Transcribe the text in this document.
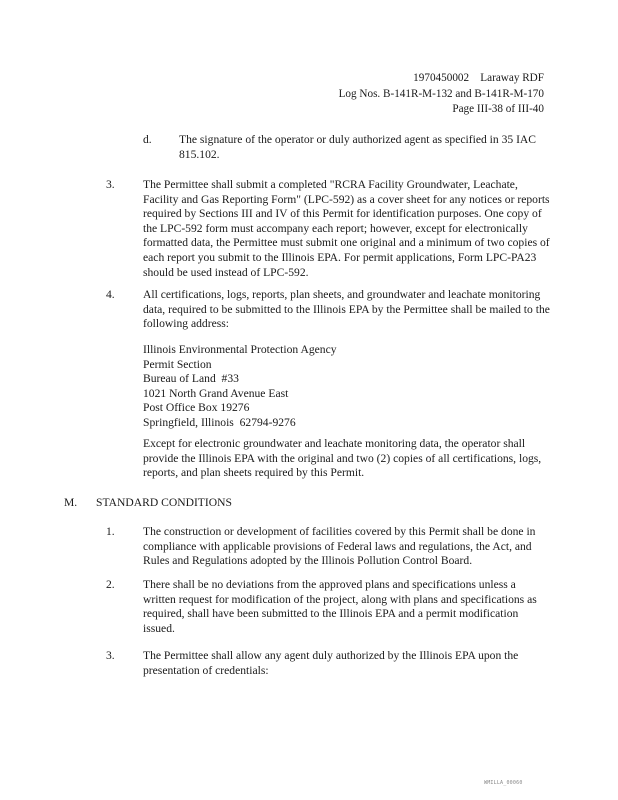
1970450002    Laraway RDF
Log Nos. B-141R-M-132 and B-141R-M-170
Page III-38 of III-40
d. The signature of the operator or duly authorized agent as specified in 35 IAC 815.102.

3. The Permittee shall submit a completed "RCRA Facility Groundwater, Leachate, Facility and Gas Reporting Form" (LPC-592) as a cover sheet for any notices or reports required by Sections III and IV of this Permit for identification purposes. One copy of the LPC-592 form must accompany each report; however, except for electronically formatted data, the Permittee must submit one original and a minimum of two copies of each report you submit to the Illinois EPA. For permit applications, Form LPC-PA23 should be used instead of LPC-592.

4. All certifications, logs, reports, plan sheets, and groundwater and leachate monitoring data, required to be submitted to the Illinois EPA by the Permittee shall be mailed to the following address:

Illinois Environmental Protection Agency
Permit Section
Bureau of Land  #33
1021 North Grand Avenue East
Post Office Box 19276
Springfield, Illinois  62794-9276

Except for electronic groundwater and leachate monitoring data, the operator shall provide the Illinois EPA with the original and two (2) copies of all certifications, logs, reports, and plan sheets required by this Permit.

M. STANDARD CONDITIONS
1. The construction or development of facilities covered by this Permit shall be done in compliance with applicable provisions of Federal laws and regulations, the Act, and Rules and Regulations adopted by the Illinois Pollution Control Board.

2. There shall be no deviations from the approved plans and specifications unless a written request for modification of the project, along with plans and specifications as required, shall have been submitted to the Illinois EPA and a permit modification issued.

3. The Permittee shall allow any agent duly authorized by the Illinois EPA upon the presentation of credentials:

WMILLA_00060
